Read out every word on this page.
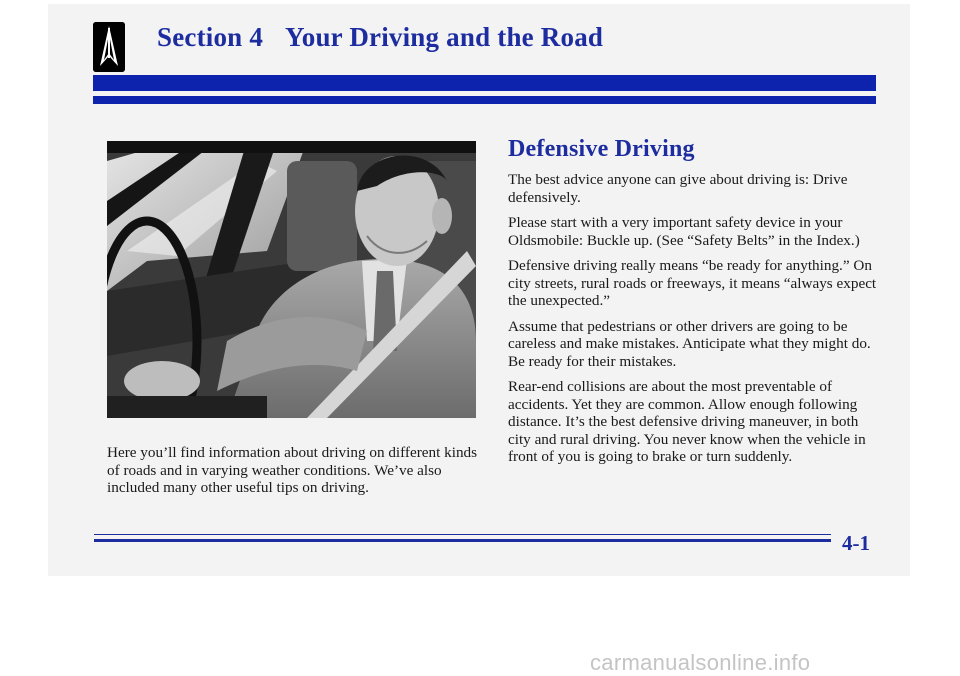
Section 4 Your Driving and the Road
Here you’ll find information about driving on different kinds of roads and in varying weather conditions. We’ve also included many other useful tips on driving.
Defensive Driving

The best advice anyone can give about driving is: Drive defensively.

Please start with a very important safety device in your Oldsmobile: Buckle up. (See “Safety Belts” in the Index.)

Defensive driving really means “be ready for anything.” On city streets, rural roads or freeways, it means “always expect the unexpected.”

Assume that pedestrians or other drivers are going to be careless and make mistakes. Anticipate what they might do. Be ready for their mistakes.

Rear-end collisions are about the most preventable of accidents. Yet they are common. Allow enough following distance. It’s the best defensive driving maneuver, in both city and rural driving. You never know when the vehicle in front of you is going to brake or turn suddenly.

4-1
carmanualsonline.info
